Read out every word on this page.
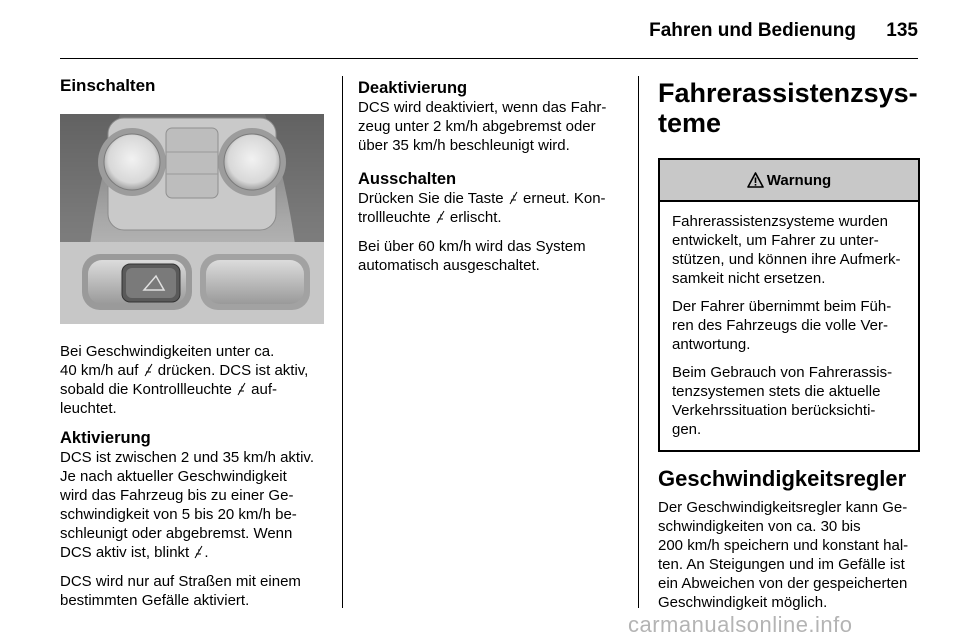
Fahren und Bedienung 135
Einschalten

Bei Geschwindigkeiten unter ca.
40 km/h auf drücken. DCS ist aktiv,
sobald die Kontrollleuchte auf-
leuchtet.

Aktivierung

DCS ist zwischen 2 und 35 km/h aktiv.
Je nach aktueller Geschwindigkeit
wird das Fahrzeug bis zu einer Ge-
schwindigkeit von 5 bis 20 km/h be-
schleunigt oder abgebremst. Wenn
DCS aktiv ist, blinkt .

DCS wird nur auf Straßen mit einem
bestimmten Gefälle aktiviert.

Deaktivierung

DCS wird deaktiviert, wenn das Fahr-
zeug unter 2 km/h abgebremst oder
über 35 km/h beschleunigt wird.

Ausschalten

Drücken Sie die Taste erneut. Kon-
trollleuchte erlischt.

Bei über 60 km/h wird das System
automatisch ausgeschaltet.

Fahrerassistenzsys-
teme
Warnung

Fahrerassistenzsysteme wurden
entwickelt, um Fahrer zu unter-
stützen, und können ihre Aufmerk-
samkeit nicht ersetzen.

Der Fahrer übernimmt beim Füh-
ren des Fahrzeugs die volle Ver-
antwortung.

Beim Gebrauch von Fahrerassis-
tenzsystemen stets die aktuelle
Verkehrssituation berücksichti-
gen.

Geschwindigkeitsregler

Der Geschwindigkeitsregler kann Ge-
schwindigkeiten von ca. 30 bis
200 km/h speichern und konstant hal-
ten. An Steigungen und im Gefälle ist
ein Abweichen von der gespeicherten
Geschwindigkeit möglich.

carmanualsonline.info
